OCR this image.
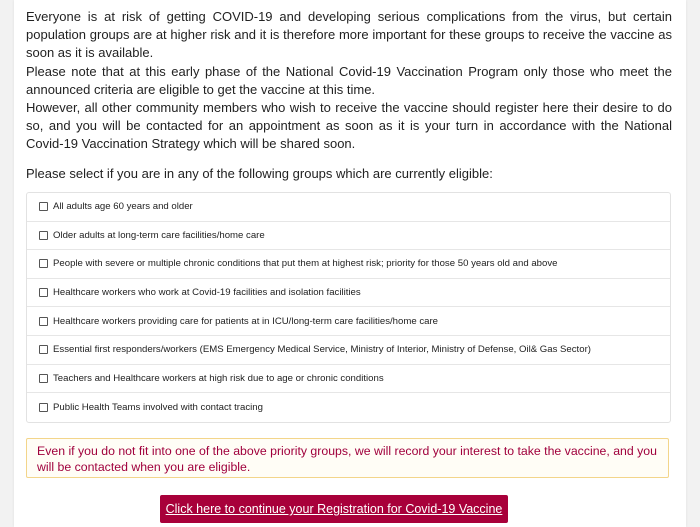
Everyone is at risk of getting COVID-19 and developing serious complications from the virus, but certain population groups are at higher risk and it is therefore more important for these groups to receive the vaccine as soon as it is available.

Please note that at this early phase of the National Covid-19 Vaccination Program only those who meet the announced criteria are eligible to get the vaccine at this time.

However, all other community members who wish to receive the vaccine should register here their desire to do so, and you will be contacted for an appointment as soon as it is your turn in accordance with the National Covid-19 Vaccination Strategy which will be shared soon.

Please select if you are in any of the following groups which are currently eligible:
All adults age 60 years and older
Older adults at long-term care facilities/home care
People with severe or multiple chronic conditions that put them at highest risk; priority for those 50 years old and above
Healthcare workers who work at Covid-19 facilities and isolation facilities
Healthcare workers providing care for patients at in ICU/long-term care facilities/home care
Essential first responders/workers (EMS Emergency Medical Service, Ministry of Interior, Ministry of Defense, Oil& Gas Sector)
Teachers and Healthcare workers at high risk due to age or chronic conditions
Public Health Teams involved with contact tracing
Even if you do not fit into one of the above priority groups, we will record your interest to take the vaccine, and you will be contacted when you are eligible.
Click here to continue your Registration for Covid-19 Vaccine
